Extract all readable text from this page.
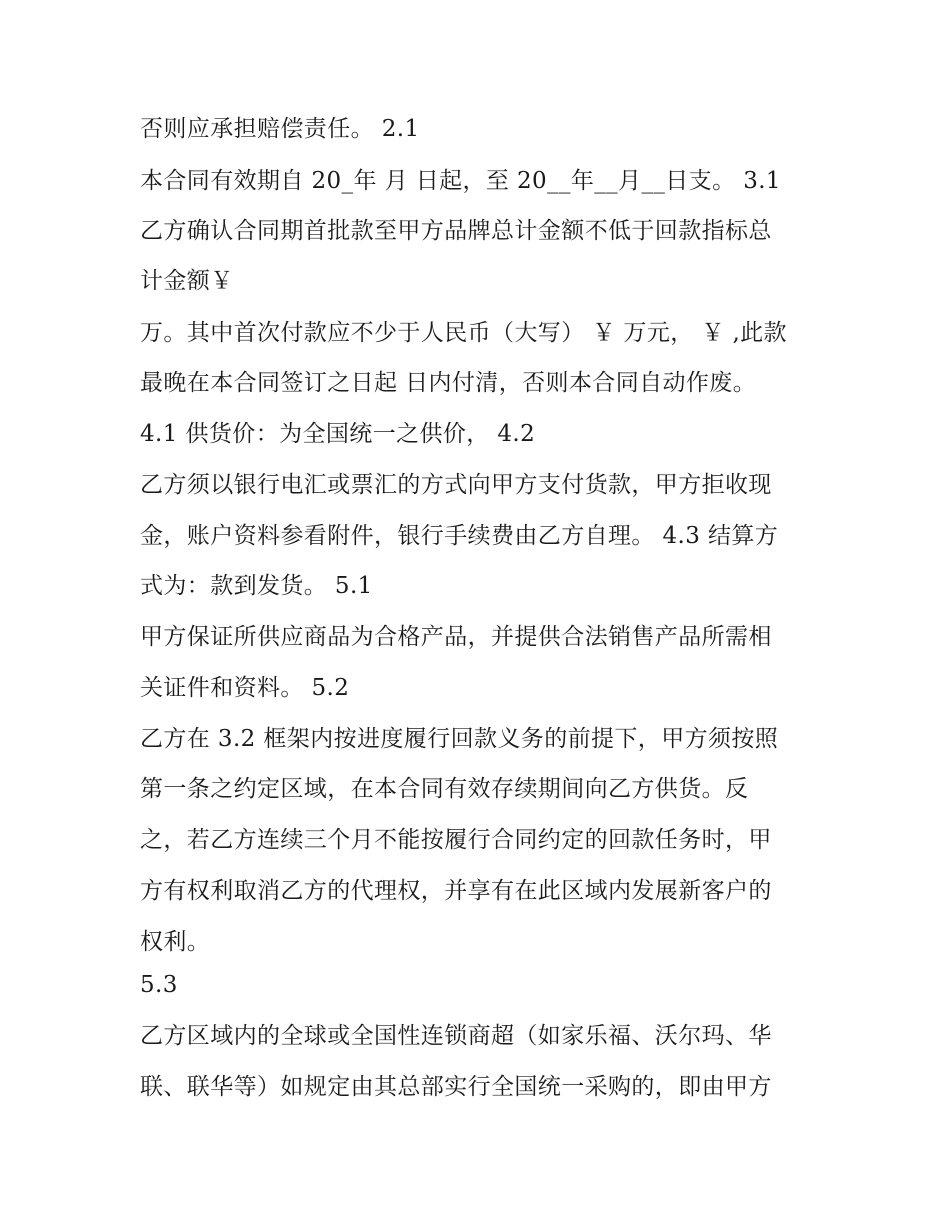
否则应承担赔偿责任。 2.1
本合同有效期自 20_年 月 日起，至 20__年__月__日支。 3.1
乙方确认合同期首批款至甲方品牌总计金额不低于回款指标总
计金额￥
万。其中首次付款应不少于人民币（大写） ￥ 万元， ￥ ,此款
最晚在本合同签订之日起 日内付清，否则本合同自动作废。
4.1 供货价：为全国统一之供价， 4.2
乙方须以银行电汇或票汇的方式向甲方支付货款，甲方拒收现
金，账户资料参看附件，银行手续费由乙方自理。 4.3 结算方
式为：款到发货。 5.1
甲方保证所供应商品为合格产品，并提供合法销售产品所需相
关证件和资料。 5.2
乙方在 3.2 框架内按进度履行回款义务的前提下，甲方须按照
第一条之约定区域，在本合同有效存续期间向乙方供货。反
之，若乙方连续三个月不能按履行合同约定的回款任务时，甲
方有权利取消乙方的代理权，并享有在此区域内发展新客户的
权利。
5.3
乙方区域内的全球或全国性连锁商超（如家乐福、沃尔玛、华
联、联华等）如规定由其总部实行全国统一采购的，即由甲方
